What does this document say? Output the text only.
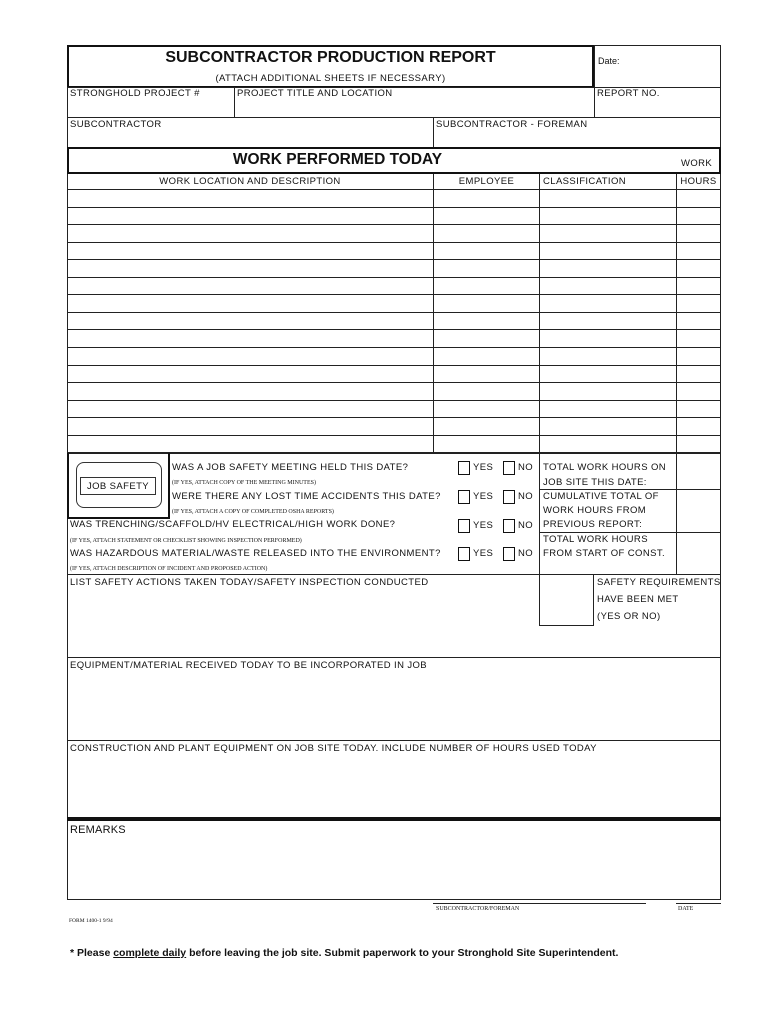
SUBCONTRACTOR PRODUCTION REPORT
(ATTACH ADDITIONAL SHEETS IF NECESSARY)
Date:
STRONGHOLD PROJECT #	PROJECT TITLE AND LOCATION	REPORT NO.
SUBCONTRACTOR	SUBCONTRACTOR - FOREMAN
WORK PERFORMED TODAY	WORK
WORK LOCATION AND DESCRIPTION	EMPLOYEE	CLASSIFICATION	HOURS
JOB SAFETY
WAS A JOB SAFETY MEETING HELD THIS DATE?
(IF YES, ATTACH COPY OF THE MEETING MINUTES)
YES	NO
WERE THERE ANY LOST TIME ACCIDENTS THIS DATE?
(IF YES, ATTACH A COPY OF COMPLETED OSHA REPORTS)
YES	NO
WAS TRENCHING/SCAFFOLD/HV ELECTRICAL/HIGH WORK DONE?
(IF YES, ATTACH STATEMENT OR CHECKLIST SHOWING INSPECTION PERFORMED)
YES	NO
WAS HAZARDOUS MATERIAL/WASTE RELEASED INTO THE ENVIRONMENT?
(IF YES, ATTACH DESCRIPTION OF INCIDENT AND PROPOSED ACTION)
YES	NO
TOTAL WORK HOURS ON
JOB SITE THIS DATE:
CUMULATIVE TOTAL OF
WORK HOURS FROM
PREVIOUS REPORT:
TOTAL WORK HOURS
FROM START OF CONST.
LIST SAFETY ACTIONS TAKEN TODAY/SAFETY INSPECTION CONDUCTED	SAFETY REQUIREMENTS
HAVE BEEN MET
(YES OR NO)
EQUIPMENT/MATERIAL RECEIVED TODAY TO BE INCORPORATED IN JOB
CONSTRUCTION AND PLANT EQUIPMENT ON JOB SITE TODAY. INCLUDE NUMBER OF HOURS USED TODAY
REMARKS
SUBCONTRACTOR/FOREMAN	DATE
FORM 1400-1 9/94
* Please complete daily before leaving the job site. Submit paperwork to your Stronghold Site Superintendent.
